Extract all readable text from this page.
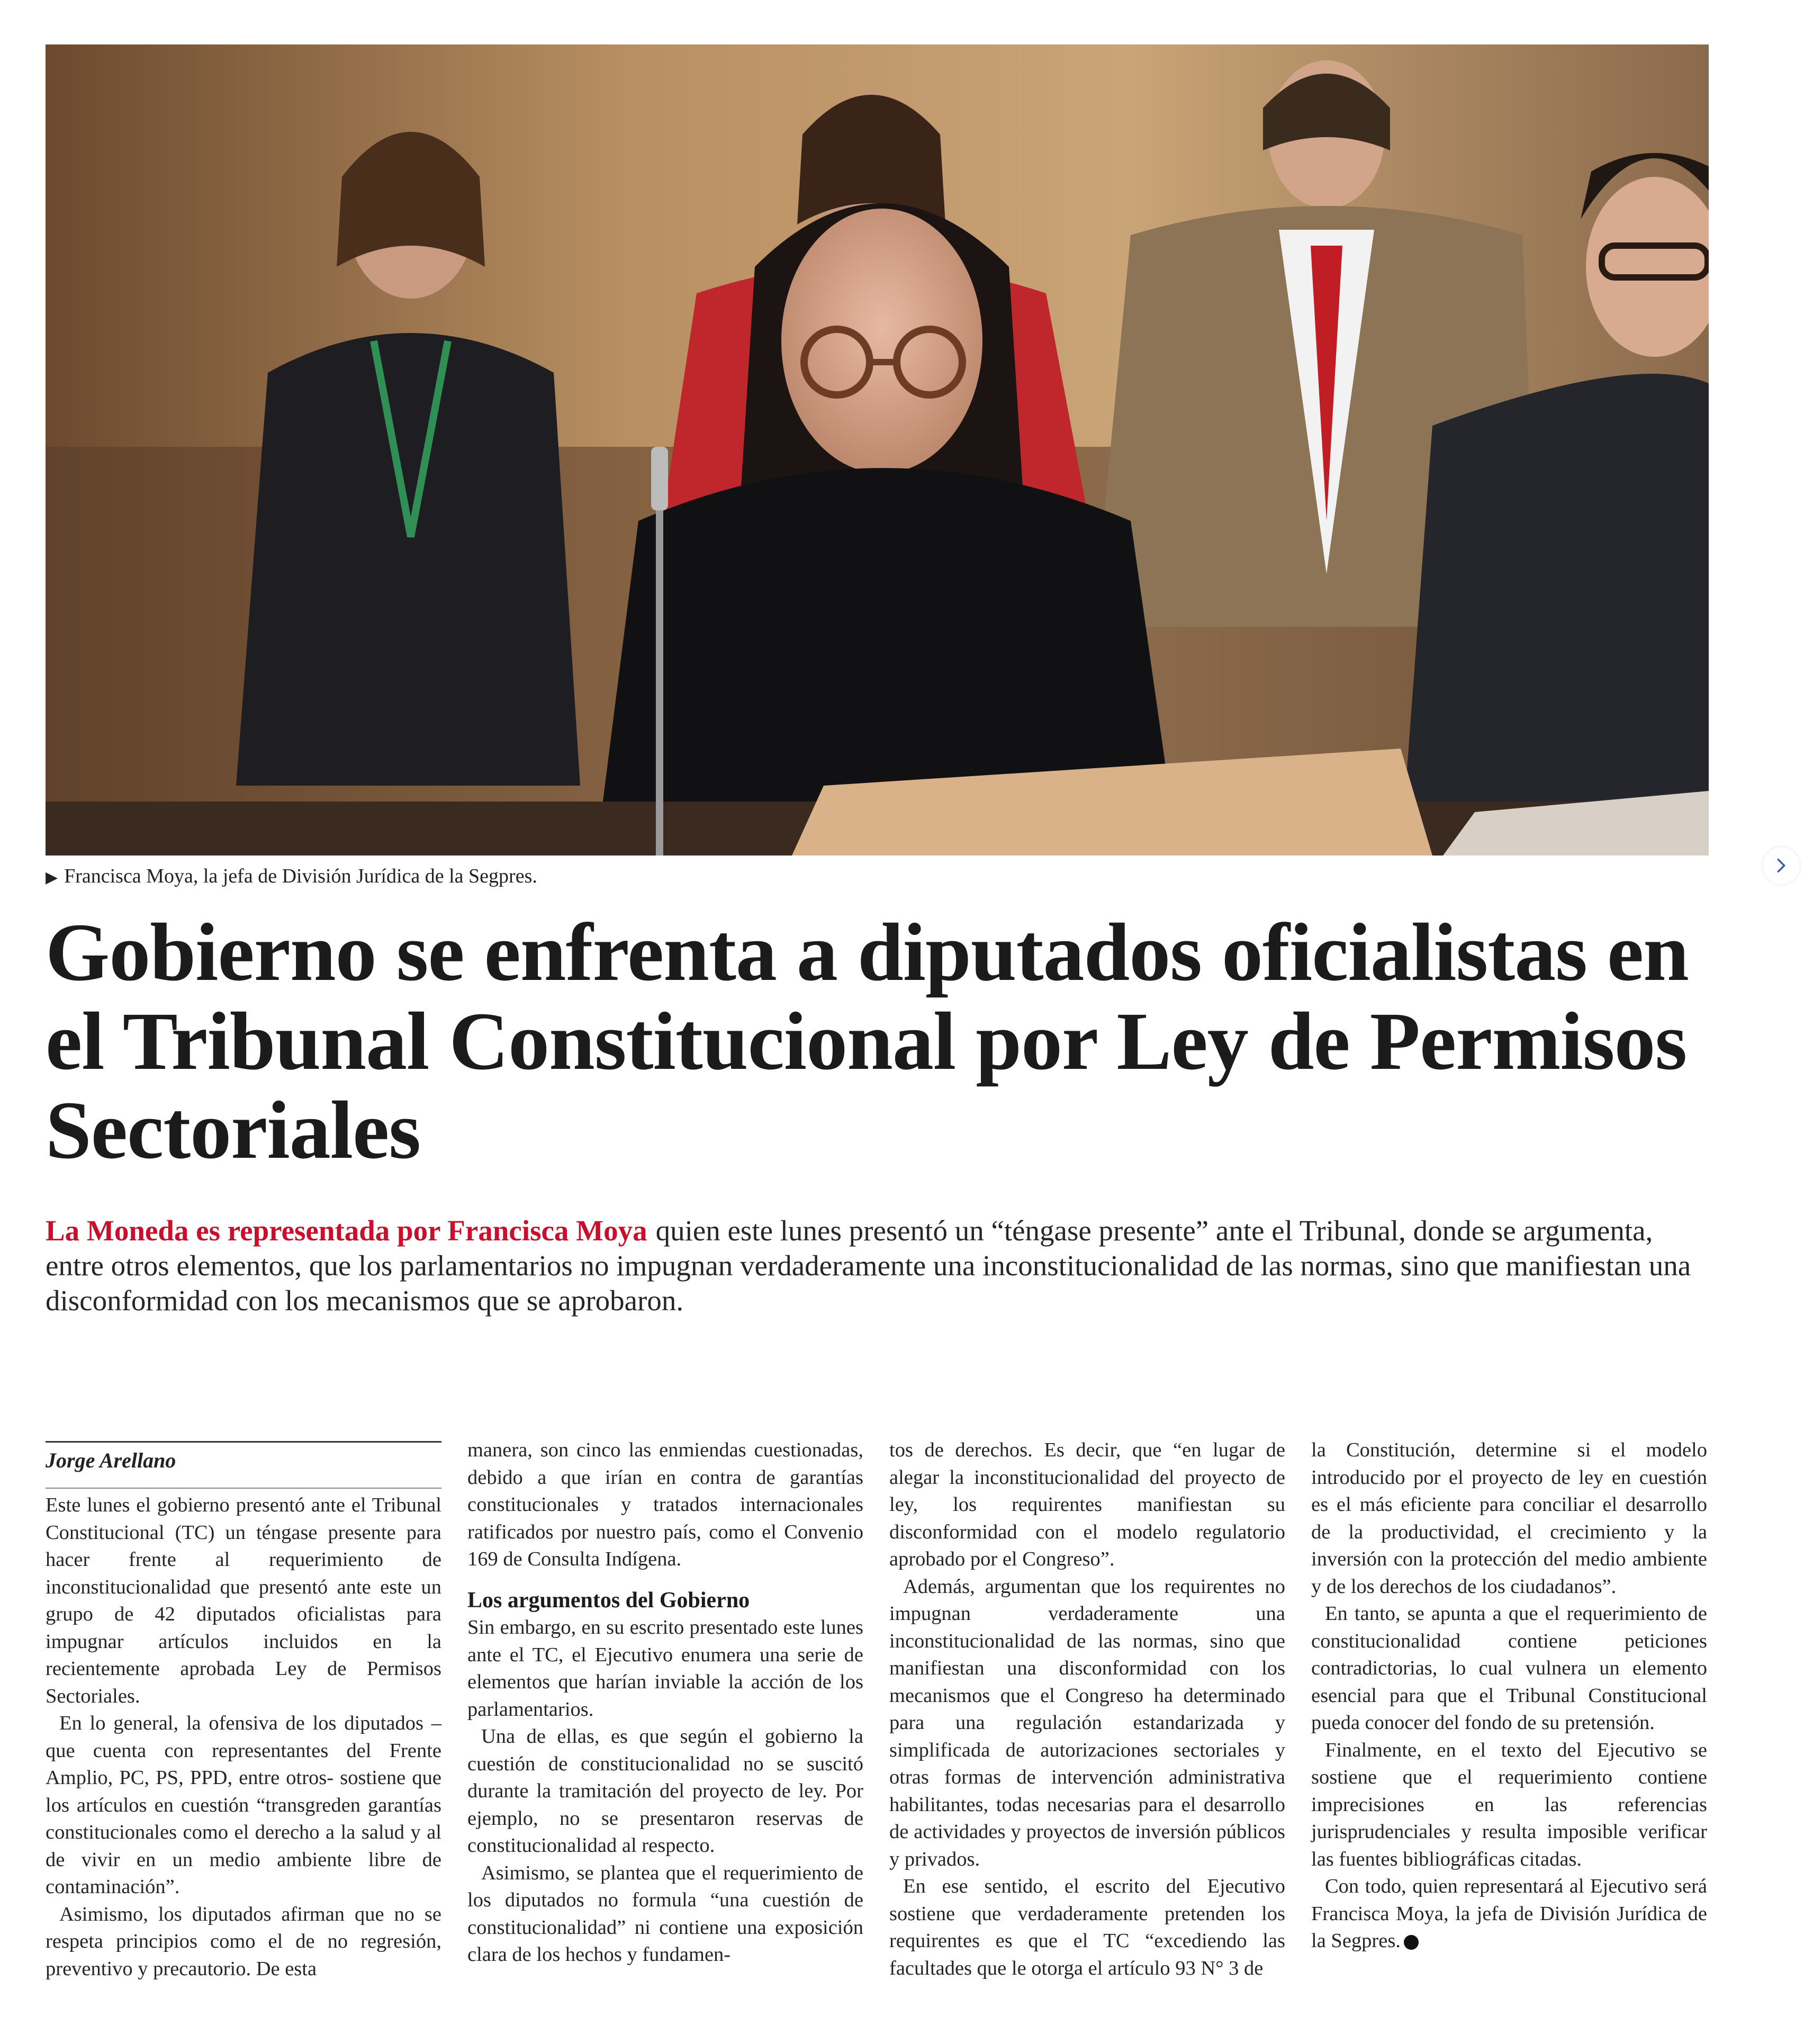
▶ Francisca Moya, la jefa de División Jurídica de la Segpres.
Gobierno se enfrenta a diputados oficialistas en el Tribunal Constitucional por Ley de Permisos Sectoriales
La Moneda es representada por Francisca Moya quien este lunes presentó un “téngase presente” ante el Tribunal, donde se argumenta, entre otros elementos, que los parlamentarios no impugnan verdaderamente una inconstitucionalidad de las normas, sino que manifiestan una disconformidad con los mecanismos que se aprobaron.
Jorge Arellano

Este lunes el gobierno presentó ante el Tribunal Constitucional (TC) un téngase presente para hacer frente al requerimiento de inconstitucionalidad que presentó ante este un grupo de 42 diputados oficialistas para impugnar artículos incluidos en la recientemente aprobada Ley de Permisos Sectoriales.

En lo general, la ofensiva de los diputados – que cuenta con representantes del Frente Amplio, PC, PS, PPD, entre otros- sostiene que los artículos en cuestión “transgreden garantías constitucionales como el derecho a la salud y al de vivir en un medio ambiente libre de contaminación”.

Asimismo, los diputados afirman que no se respeta principios como el de no regresión, preventivo y precautorio. De esta

manera, son cinco las enmiendas cuestionadas, debido a que irían en contra de garantías constitucionales y tratados internacionales ratificados por nuestro país, como el Convenio 169 de Consulta Indígena.

Los argumentos del Gobierno

Sin embargo, en su escrito presentado este lunes ante el TC, el Ejecutivo enumera una serie de elementos que harían inviable la acción de los parlamentarios.

Una de ellas, es que según el gobierno la cuestión de constitucionalidad no se suscitó durante la tramitación del proyecto de ley. Por ejemplo, no se presentaron reservas de constitucionalidad al respecto.

Asimismo, se plantea que el requerimiento de los diputados no formula “una cuestión de constitucionalidad” ni contiene una exposición clara de los hechos y fundamen-

tos de derechos. Es decir, que “en lugar de alegar la inconstitucionalidad del proyecto de ley, los requirentes manifiestan su disconformidad con el modelo regulatorio aprobado por el Congreso”.

Además, argumentan que los requirentes no impugnan verdaderamente una inconstitucionalidad de las normas, sino que manifiestan una disconformidad con los mecanismos que el Congreso ha determinado para una regulación estandarizada y simplificada de autorizaciones sectoriales y otras formas de intervención administrativa habilitantes, todas necesarias para el desarrollo de actividades y proyectos de inversión públicos y privados.

En ese sentido, el escrito del Ejecutivo sostiene que verdaderamente pretenden los requirentes es que el TC “excediendo las facultades que le otorga el artículo 93 N° 3 de

la Constitución, determine si el modelo introducido por el proyecto de ley en cuestión es el más eficiente para conciliar el desarrollo de la productividad, el crecimiento y la inversión con la protección del medio ambiente y de los derechos de los ciudadanos”.

En tanto, se apunta a que el requerimiento de constitucionalidad contiene peticiones contradictorias, lo cual vulnera un elemento esencial para que el Tribunal Constitucional pueda conocer del fondo de su pretensión.

Finalmente, en el texto del Ejecutivo se sostiene que el requerimiento contiene imprecisiones en las referencias jurisprudenciales y resulta imposible verificar las fuentes bibliográficas citadas.

Con todo, quien representará al Ejecutivo será Francisca Moya, la jefa de División Jurídica de la Segpres.
